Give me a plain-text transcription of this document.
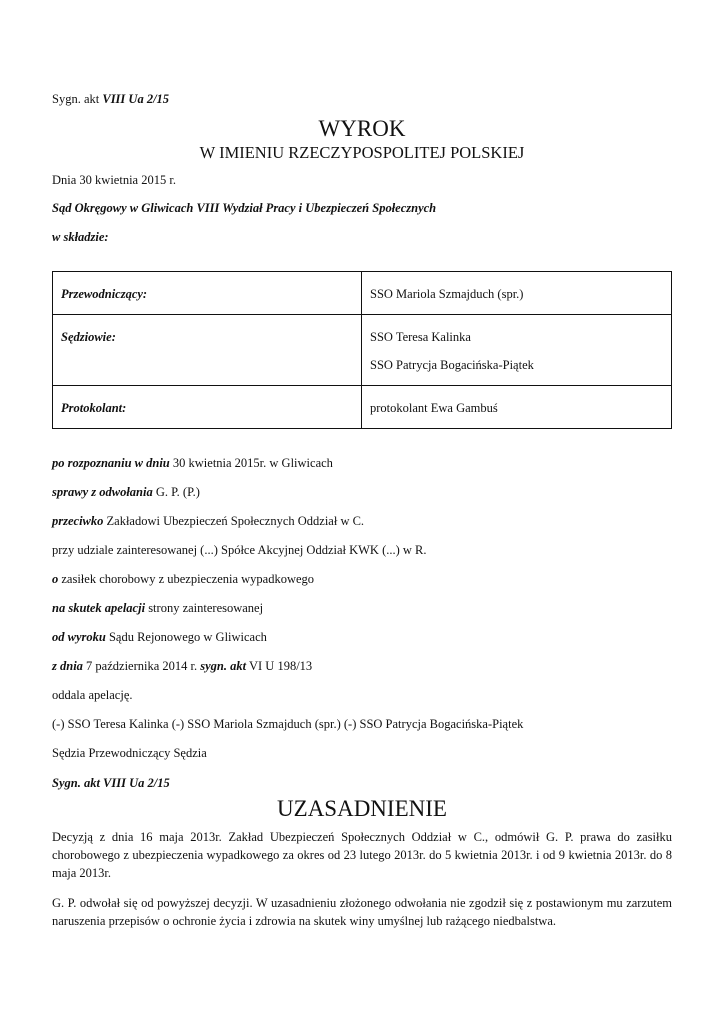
Sygn. akt VIII Ua 2/15
WYROK
W IMIENIU RZECZYPOSPOLITEJ POLSKIEJ
Dnia 30 kwietnia 2015 r.
Sąd Okręgowy w Gliwicach VIII Wydział Pracy i Ubezpieczeń Społecznych
w składzie:
Przewodniczący:	SSO Mariola Szmajduch (spr.)
Sędziowie:	SSO Teresa Kalinka
SSO Patrycja Bogacińska-Piątek

Protokolant:	protokolant Ewa Gambuś
po rozpoznaniu w dniu 30 kwietnia 2015r. w Gliwicach
sprawy z odwołania G. P. (P.)
przeciwko Zakładowi Ubezpieczeń Społecznych Oddział w C.
przy udziale zainteresowanej (...) Spółce Akcyjnej Oddział KWK (...) w R.
o zasiłek chorobowy z ubezpieczenia wypadkowego
na skutek apelacji strony zainteresowanej
od wyroku Sądu Rejonowego w Gliwicach
z dnia 7 października 2014 r. sygn. akt VI U 198/13
oddala apelację.
(-) SSO Teresa Kalinka (-) SSO Mariola Szmajduch (spr.) (-) SSO Patrycja Bogacińska-Piątek
Sędzia Przewodniczący Sędzia
Sygn. akt VIII Ua 2/15
UZASADNIENIE
Decyzją z dnia 16 maja 2013r. Zakład Ubezpieczeń Społecznych Oddział w C., odmówił G. P. prawa do zasiłku chorobowego z ubezpieczenia wypadkowego za okres od 23 lutego 2013r. do 5 kwietnia 2013r. i od 9 kwietnia 2013r. do 8 maja 2013r.
G. P. odwołał się od powyższej decyzji. W uzasadnieniu złożonego odwołania nie zgodził się z postawionym mu zarzutem naruszenia przepisów o ochronie życia i zdrowia na skutek winy umyślnej lub rażącego niedbalstwa.
